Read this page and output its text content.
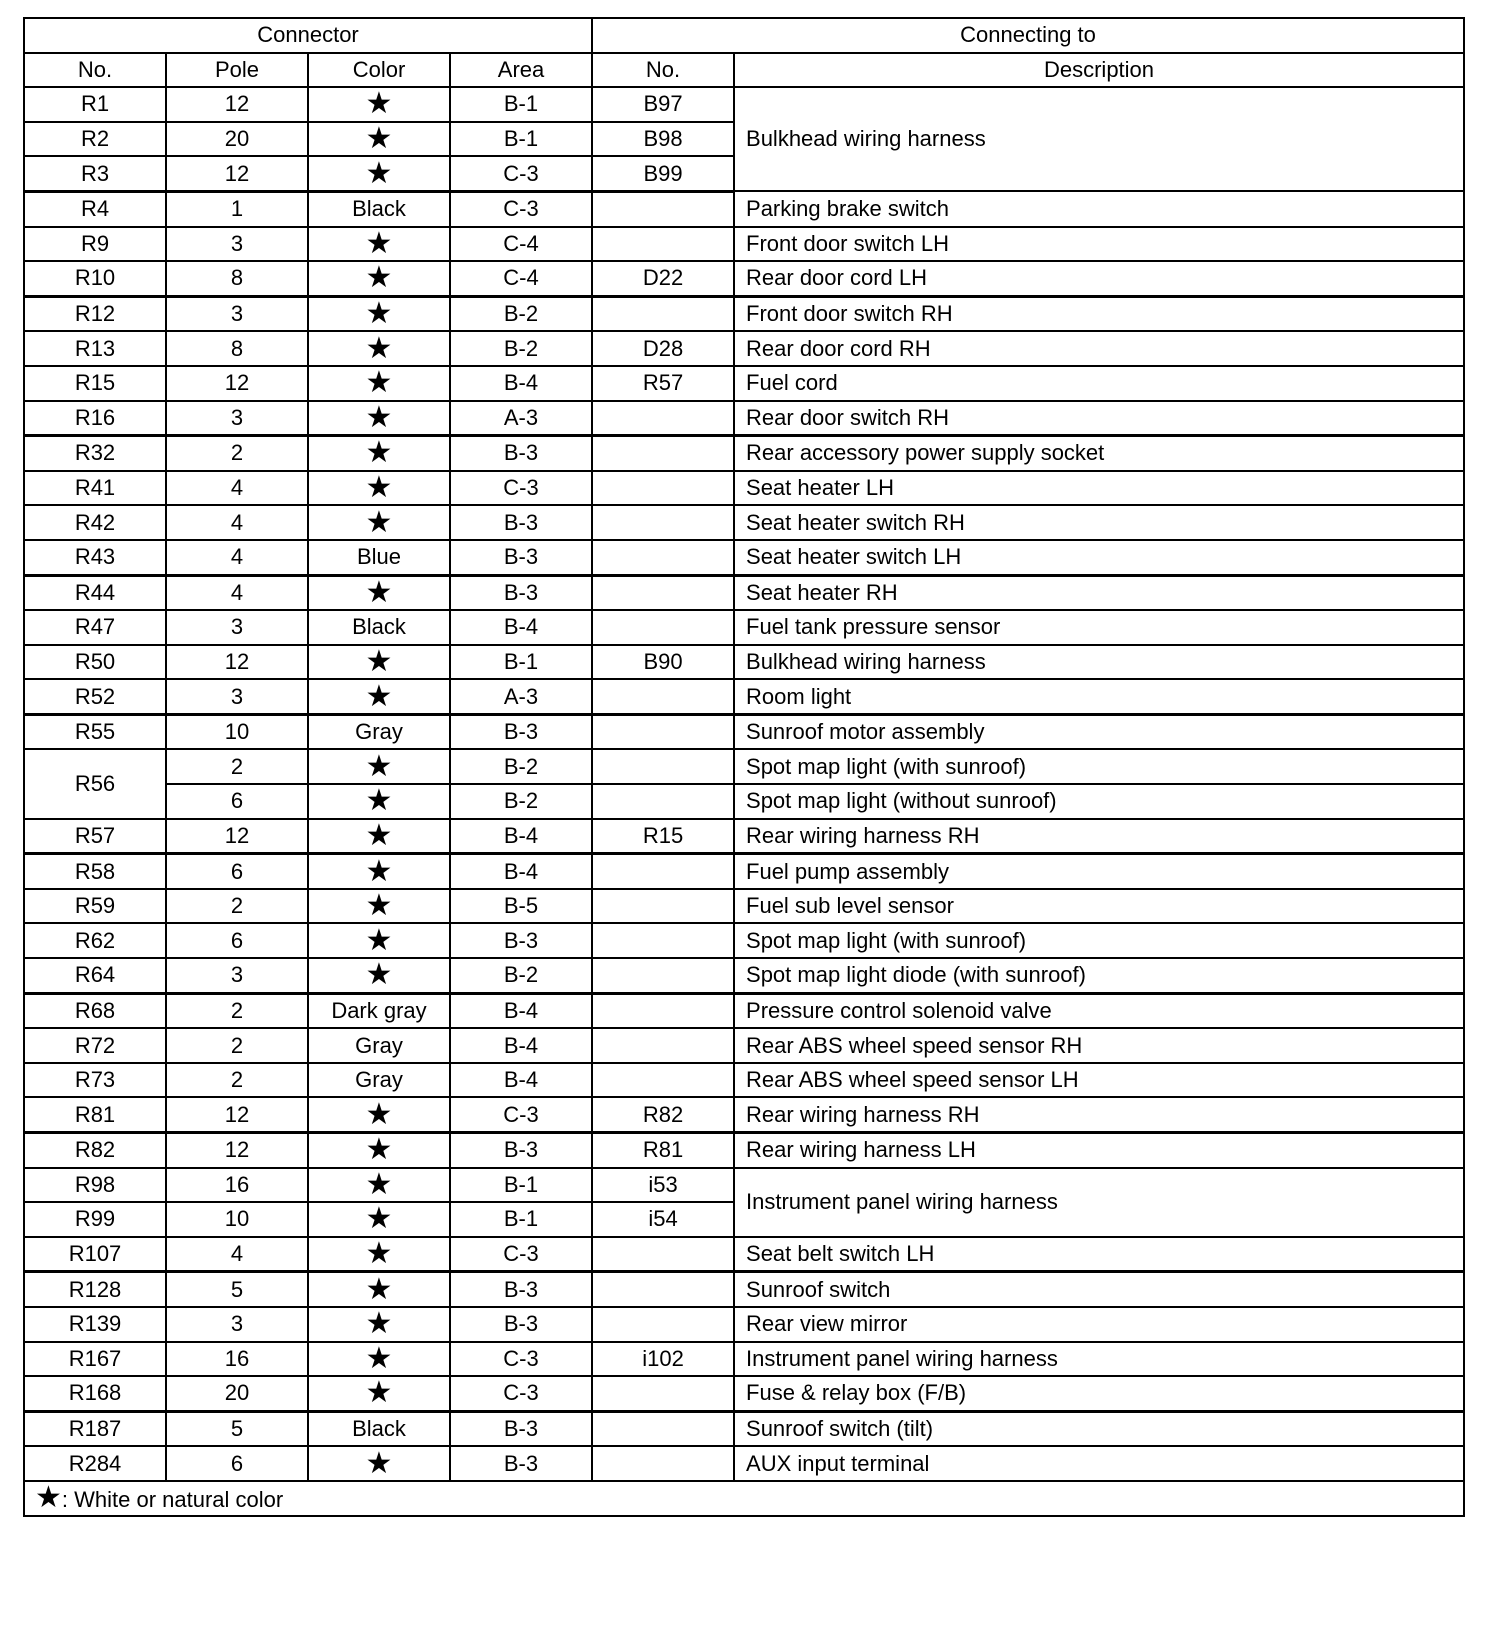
Connector				Connecting to	
No.	Pole	Color	Area	No.	Description
R1	12	★	B-1	B97	Bulkhead wiring harness
R2	20	★	B-1	B98	
R3	12	★	C-3	B99	
R4	1	Black	C-3		Parking brake switch
R9	3	★	C-4		Front door switch LH
R10	8	★	C-4	D22	Rear door cord LH
R12	3	★	B-2		Front door switch RH
R13	8	★	B-2	D28	Rear door cord RH
R15	12	★	B-4	R57	Fuel cord
R16	3	★	A-3		Rear door switch RH
R32	2	★	B-3		Rear accessory power supply socket
R41	4	★	C-3		Seat heater LH
R42	4	★	B-3		Seat heater switch RH
R43	4	Blue	B-3		Seat heater switch LH
R44	4	★	B-3		Seat heater RH
R47	3	Black	B-4		Fuel tank pressure sensor
R50	12	★	B-1	B90	Bulkhead wiring harness
R52	3	★	A-3		Room light
R55	10	Gray	B-3		Sunroof motor assembly
R56	2	★	B-2		Spot map light (with sunroof)
	6	★	B-2		Spot map light (without sunroof)
R57	12	★	B-4	R15	Rear wiring harness RH
R58	6	★	B-4		Fuel pump assembly
R59	2	★	B-5		Fuel sub level sensor
R62	6	★	B-3		Spot map light (with sunroof)
R64	3	★	B-2		Spot map light diode (with sunroof)
R68	2	Dark gray	B-4		Pressure control solenoid valve
R72	2	Gray	B-4		Rear ABS wheel speed sensor RH
R73	2	Gray	B-4		Rear ABS wheel speed sensor LH
R81	12	★	C-3	R82	Rear wiring harness RH
R82	12	★	B-3	R81	Rear wiring harness LH
R98	16	★	B-1	i53	Instrument panel wiring harness
R99	10	★	B-1	i54	
R107	4	★	C-3		Seat belt switch LH
R128	5	★	B-3		Sunroof switch
R139	3	★	B-3		Rear view mirror
R167	16	★	C-3	i102	Instrument panel wiring harness
R168	20	★	C-3		Fuse & relay box (F/B)
R187	5	Black	B-3		Sunroof switch (tilt)
R284	6	★	B-3		AUX input terminal
★: White or natural color					
